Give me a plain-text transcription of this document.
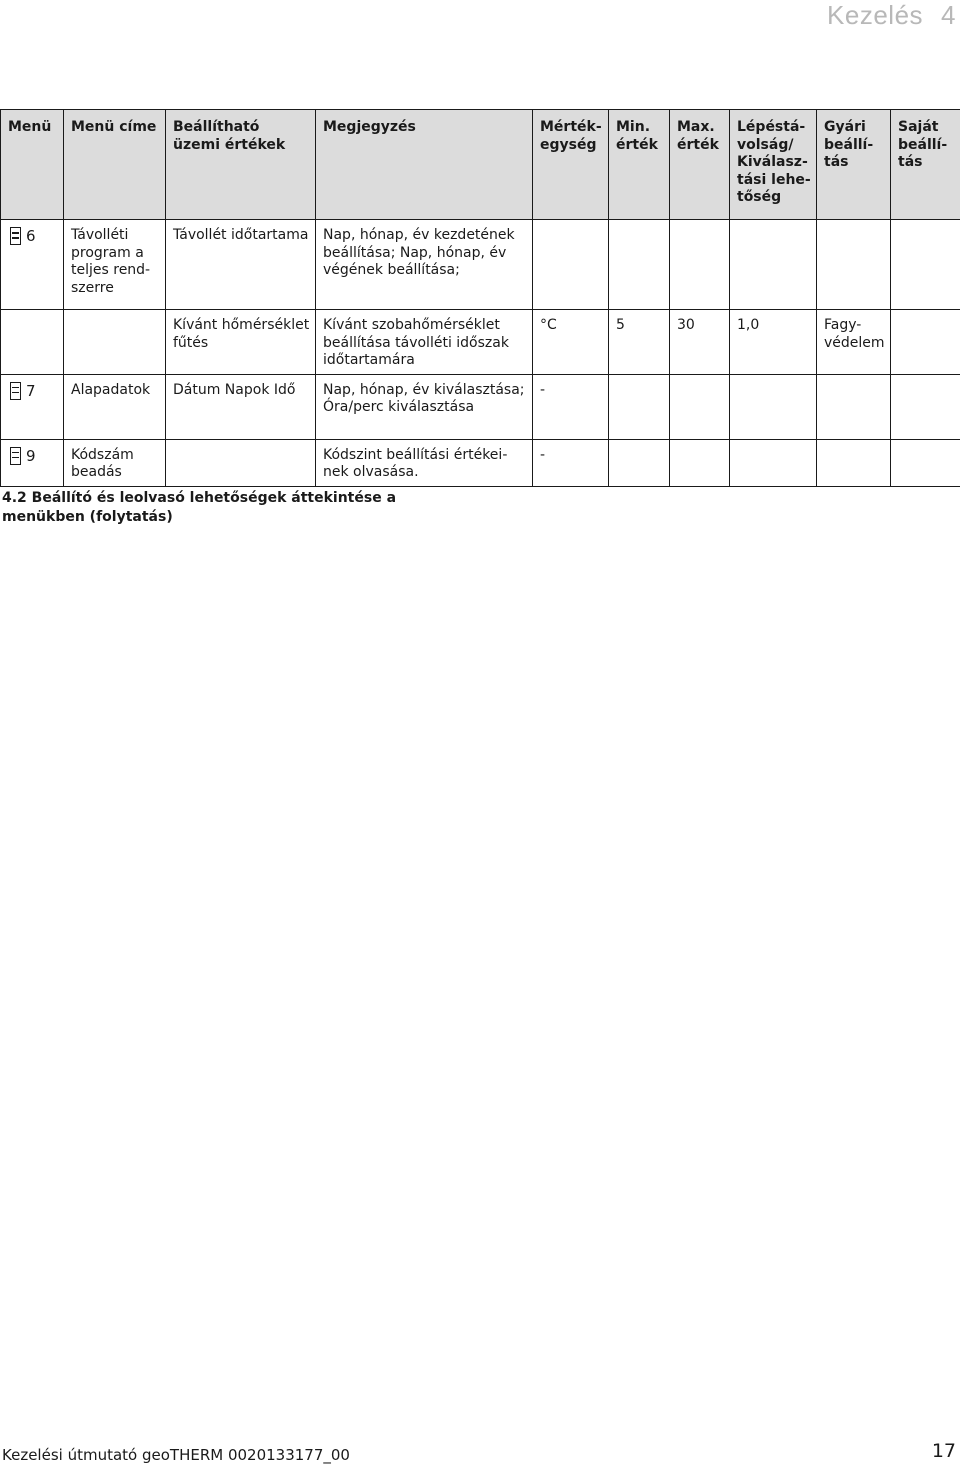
Kezelés 4
Menü	Menü címe	Beállítható üzemi értékek	Megjegyzés	Mérték-egység	Min. érték	Max. érték	Lépéstá-volság/ Kiválasz-tási lehe-tőség	Gyári beállí-tás	Saját beállí-tás
6	Távolléti program a teljes rend-szerre	Távollét időtartama	Nap, hónap, év kezdetének beállítása; Nap, hónap, év végének beállítása;						
		Kívánt hőmérséklet fűtés	Kívánt szobahőmérséklet beállítása távolléti időszak időtartamára	°C	5	30	1,0	Fagy-védelem	
7	Alapadatok	Dátum Napok Idő	Nap, hónap, év kiválasztása; Óra/perc kiválasztása	-					
9	Kódszám beadás		Kódszint beállítási értékei-nek olvasása.	-					
4.2 Beállító és leolvasó lehetőségek áttekintése a menükben (folytatás)
Kezelési útmutató geoTHERM 0020133177_00	17
